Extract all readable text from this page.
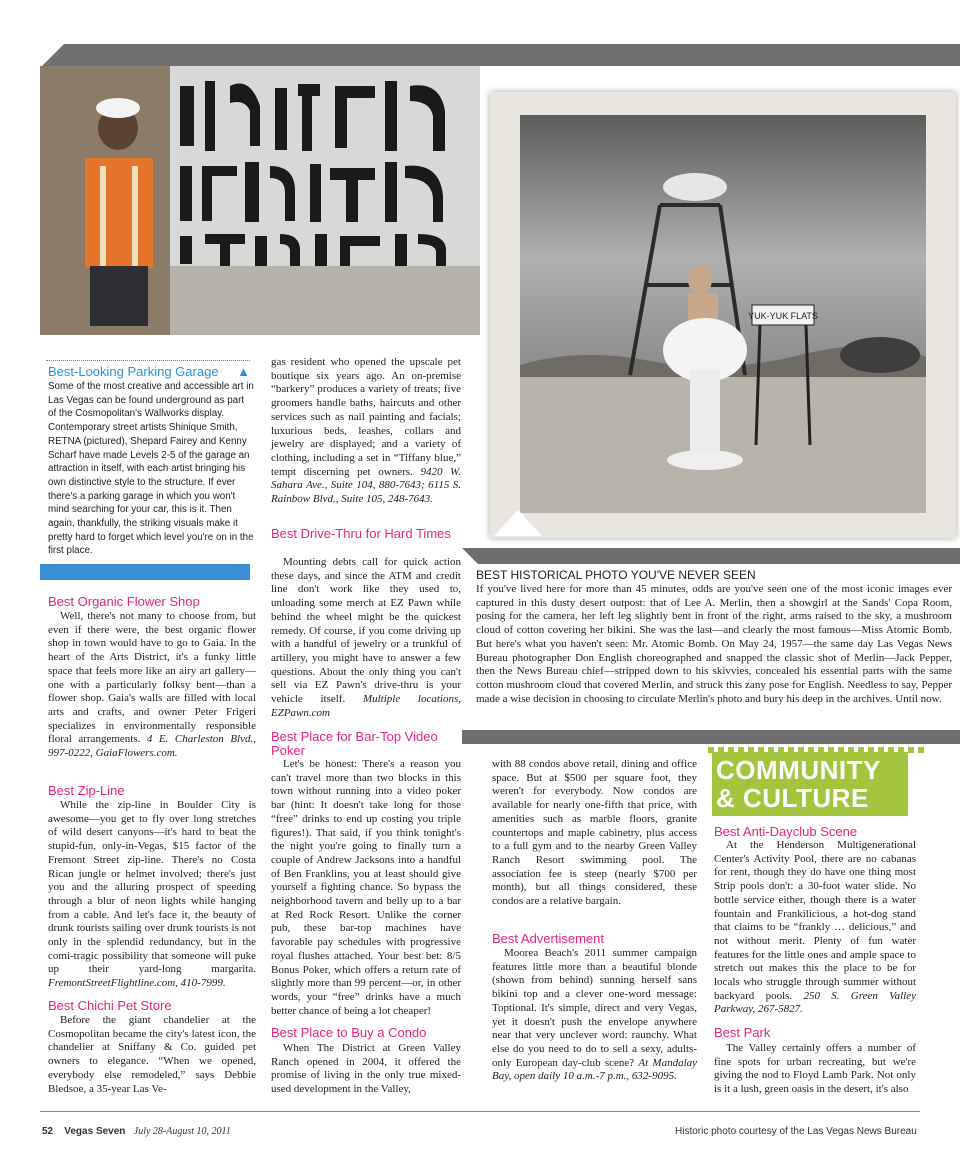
YUK-YUK FLATS
Best-Looking Parking Garage ▲
Some of the most creative and accessible art in Las Vegas can be found underground as part of the Cosmopolitan's Wallworks display. Contemporary street artists Shinique Smith, RETNA (pictured), Shepard Fairey and Kenny Scharf have made Levels 2-5 of the garage an attraction in itself, with each artist bringing his own distinctive style to the structure. If ever there's a parking garage in which you won't mind searching for your car, this is it. Then again, thankfully, the striking visuals make it pretty hard to forget which level you're on in the first place.
Best Organic Flower Shop
Well, there's not many to choose from, but even if there were, the best organic flower shop in town would have to go to Gaia. In the heart of the Arts District, it's a funky little space that feels more like an airy art gallery—one with a particularly folksy bent—than a flower shop. Gaia's walls are filled with local arts and crafts, and owner Peter Frigeri specializes in environmentally responsible floral arrangements. 4 E. Charleston Blvd., 997-0222, GaiaFlowers.com.
Best Zip-Line
While the zip-line in Boulder City is awesome—you get to fly over long stretches of wild desert canyons—it's hard to beat the stupid-fun, only-in-Vegas, $15 factor of the Fremont Street zip-line. There's no Costa Rican jungle or helmet involved; there's just you and the alluring prospect of speeding through a blur of neon lights while hanging from a cable. And let's face it, the beauty of drunk tourists sailing over drunk tourists is not only in the splendid redundancy, but in the comi-tragic possibility that someone will puke up their yard-long margarita. FremontStreetFlightline.com, 410-7999.
Best Chichi Pet Store
Before the giant chandelier at the Cosmopolitan became the city's latest icon, the chandelier at Sniffany & Co. guided pet owners to elegance. “When we opened, everybody else remodeled,” says Debbie Bledsoe, a 35-year Las Ve-
gas resident who opened the upscale pet boutique six years ago. An on-premise “barkery” produces a variety of treats; five groomers handle baths, haircuts and other services such as nail painting and facials; luxurious beds, leashes, collars and jewelry are displayed; and a variety of clothing, including a set in “Tiffany blue,” tempt discerning pet owners. 9420 W. Sahara Ave., Suite 104, 880-7643; 6115 S. Rainbow Blvd., Suite 105, 248-7643.
Best Drive-Thru for Hard Times
Mounting debts call for quick action these days, and since the ATM and credit line don't work like they used to, unloading some merch at EZ Pawn while behind the wheel might be the quickest remedy. Of course, if you come driving up with a handful of jewelry or a trunkful of artillery, you might have to answer a few questions. About the only thing you can't sell via EZ Pawn's drive-thru is your vehicle itself. Multiple locations, EZPawn.com
Best Place for Bar-Top Video Poker
Let's be honest: There's a reason you can't travel more than two blocks in this town without running into a video poker bar (hint: It doesn't take long for those “free” drinks to end up costing you triple figures!). That said, if you think tonight's the night you're going to finally turn a couple of Andrew Jacksons into a handful of Ben Franklins, you at least should give yourself a fighting chance. So bypass the neighborhood tavern and belly up to a bar at Red Rock Resort. Unlike the corner pub, these bar-top machines have favorable pay schedules with progressive royal flushes attached. Your best bet: 8/5 Bonus Poker, which offers a return rate of slightly more than 99 percent—or, in other words, your “free” drinks have a much better chance of being a lot cheaper!
Best Place to Buy a Condo
When The District at Green Valley Ranch opened in 2004, it offered the promise of living in the only true mixed-used development in the Valley,
BEST HISTORICAL PHOTO YOU'VE NEVER SEEN
If you've lived here for more than 45 minutes, odds are you've seen one of the most iconic images ever captured in this dusty desert outpost: that of Lee A. Merlin, then a showgirl at the Sands' Copa Room, posing for the camera, her left leg slightly bent in front of the right, arms raised to the sky, a mushroom cloud of cotton covering her bikini. She was the last—and clearly the most famous—Miss Atomic Bomb. But here's what you haven't seen: Mr. Atomic Bomb. On May 24, 1957—the same day Las Vegas News Bureau photographer Don English choreographed and snapped the classic shot of Merlin—Jack Pepper, then the News Bureau chief—stripped down to his skivvies, concealed his essential parts with the same cotton mushroom cloud that covered Merlin, and struck this zany pose for English. Needless to say, Pepper made a wise decision in choosing to circulate Merlin's photo and bury his deep in the archives. Until now.
with 88 condos above retail, dining and office space. But at $500 per square foot, they weren't for everybody. Now condos are available for nearly one-fifth that price, with amenities such as marble floors, granite countertops and maple cabinetry, plus access to a full gym and to the nearby Green Valley Ranch Resort swimming pool. The association fee is steep (nearly $700 per month), but all things considered, these condos are a relative bargain.
Best Advertisement
Moorea Beach's 2011 summer campaign features little more than a beautiful blonde (shown from behind) sunning herself sans bikini top and a clever one-word message: Toptional. It's simple, direct and very Vegas, yet it doesn't push the envelope anywhere near that very unclever word: raunchy. What else do you need to do to sell a sexy, adults-only European day-club scene? At Mandalay Bay, open daily 10 a.m.-7 p.m., 632-9095.
COMMUNITY
& CULTURE
Best Anti-Dayclub Scene
At the Henderson Multigenerational Center's Activity Pool, there are no cabanas for rent, though they do have one thing most Strip pools don't: a 30-foot water slide. No bottle service either, though there is a water fountain and Frankilicious, a hot-dog stand that claims to be “frankly … delicious,” and not without merit. Plenty of fun water features for the little ones and ample space to stretch out makes this the place to be for locals who struggle through summer without backyard pools. 250 S. Green Valley Parkway, 267-5827.
Best Park
The Valley certainly offers a number of fine spots for urban recreating, but we're giving the nod to Floyd Lamb Park. Not only is it a lush, green oasis in the desert, it's also
52 Vegas Seven July 28-August 10, 2011	Historic photo courtesy of the Las Vegas News Bureau
